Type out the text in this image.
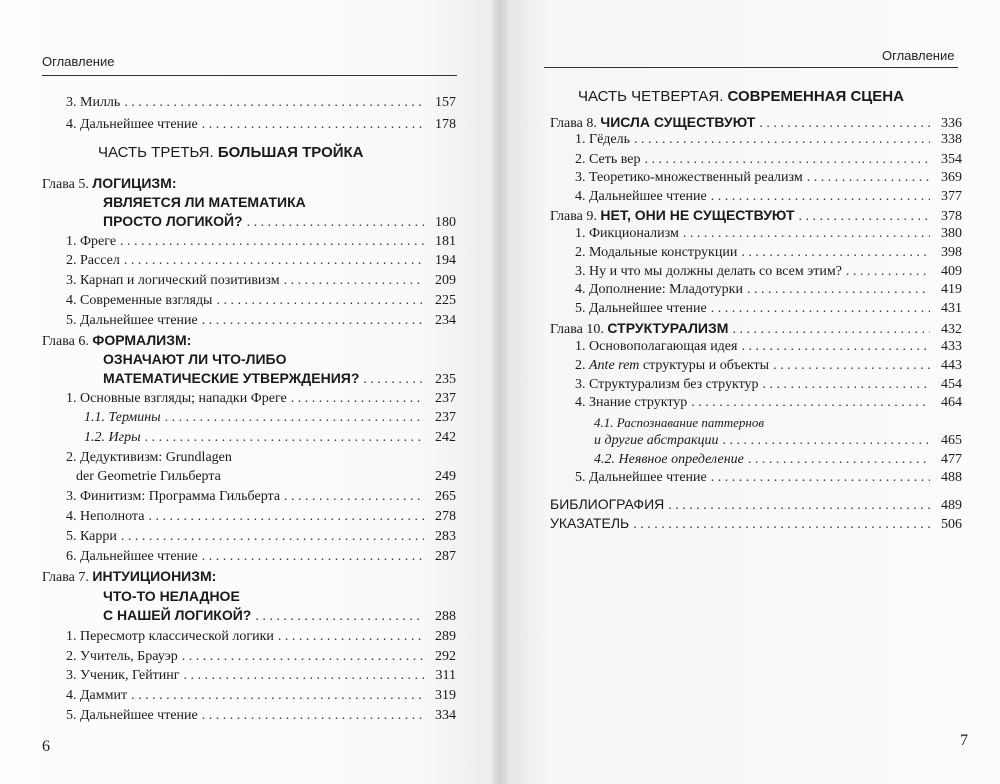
Оглавление
3. Милль . . .	157
4. Дальнейшее чтение . . .	178
ЧАСТЬ ТРЕТЬЯ. БОЛЬШАЯ ТРОЙКА
Глава 5. ЛОГИЦИЗМ:
ЯВЛЯЕТСЯ ЛИ МАТЕМАТИКА
ПРОСТО ЛОГИКОЙ? . . .	180
1. Фреге . . .	181
2. Рассел . . .	194
3. Карнап и логический позитивизм . . .	209
4. Современные взгляды . . .	225
5. Дальнейшее чтение . . .	234
Глава 6. ФОРМАЛИЗМ:
ОЗНАЧАЮТ ЛИ ЧТО-ЛИБО
МАТЕМАТИЧЕСКИЕ УТВЕРЖДЕНИЯ? . . .	235
1. Основные взгляды; нападки Фреге . . .	237
1.1. Термины . . .	237
1.2. Игры . . .	242
2. Дедуктивизм: Grundlagen
der Geometrie Гильберта	249
3. Финитизм: Программа Гильберта . . .	265
4. Неполнота . . .	278
5. Карри . . .	283
6. Дальнейшее чтение . . .	287
Глава 7. ИНТУИЦИОНИЗМ:
ЧТО-ТО НЕЛАДНОЕ
С НАШЕЙ ЛОГИКОЙ? . . .	288
1. Пересмотр классической логики . . .	289
2. Учитель, Брауэр . . .	292
3. Ученик, Гейтинг . . .	311
4. Даммит . . .	319
5. Дальнейшее чтение . . .	334
6
Оглавление
ЧАСТЬ ЧЕТВЕРТАЯ. СОВРЕМЕННАЯ СЦЕНА
Глава 8. ЧИСЛА СУЩЕСТВУЮТ . . .	336
1. Гёдель . . .	338
2. Сеть вер . . .	354
3. Теоретико-множественный реализм . . .	369
4. Дальнейшее чтение . . .	377
Глава 9. НЕТ, ОНИ НЕ СУЩЕСТВУЮТ . . .	378
1. Фикционализм . . .	380
2. Модальные конструкции . . .	398
3. Ну и что мы должны делать со всем этим? . . .	409
4. Дополнение: Младотурки . . .	419
5. Дальнейшее чтение . . .	431
Глава 10. СТРУКТУРАЛИЗМ . . .	432
1. Основополагающая идея . . .	433
2. Ante rem структуры и объекты . . .	443
3. Структурализм без структур . . .	454
4. Знание структур . . .	464
4.1. Распознавание паттернов
и другие абстракции . . .	465
4.2. Неявное определение . . .	477
5. Дальнейшее чтение . . .	488
БИБЛИОГРАФИЯ . . .	489
УКАЗАТЕЛЬ . . .	506
7
